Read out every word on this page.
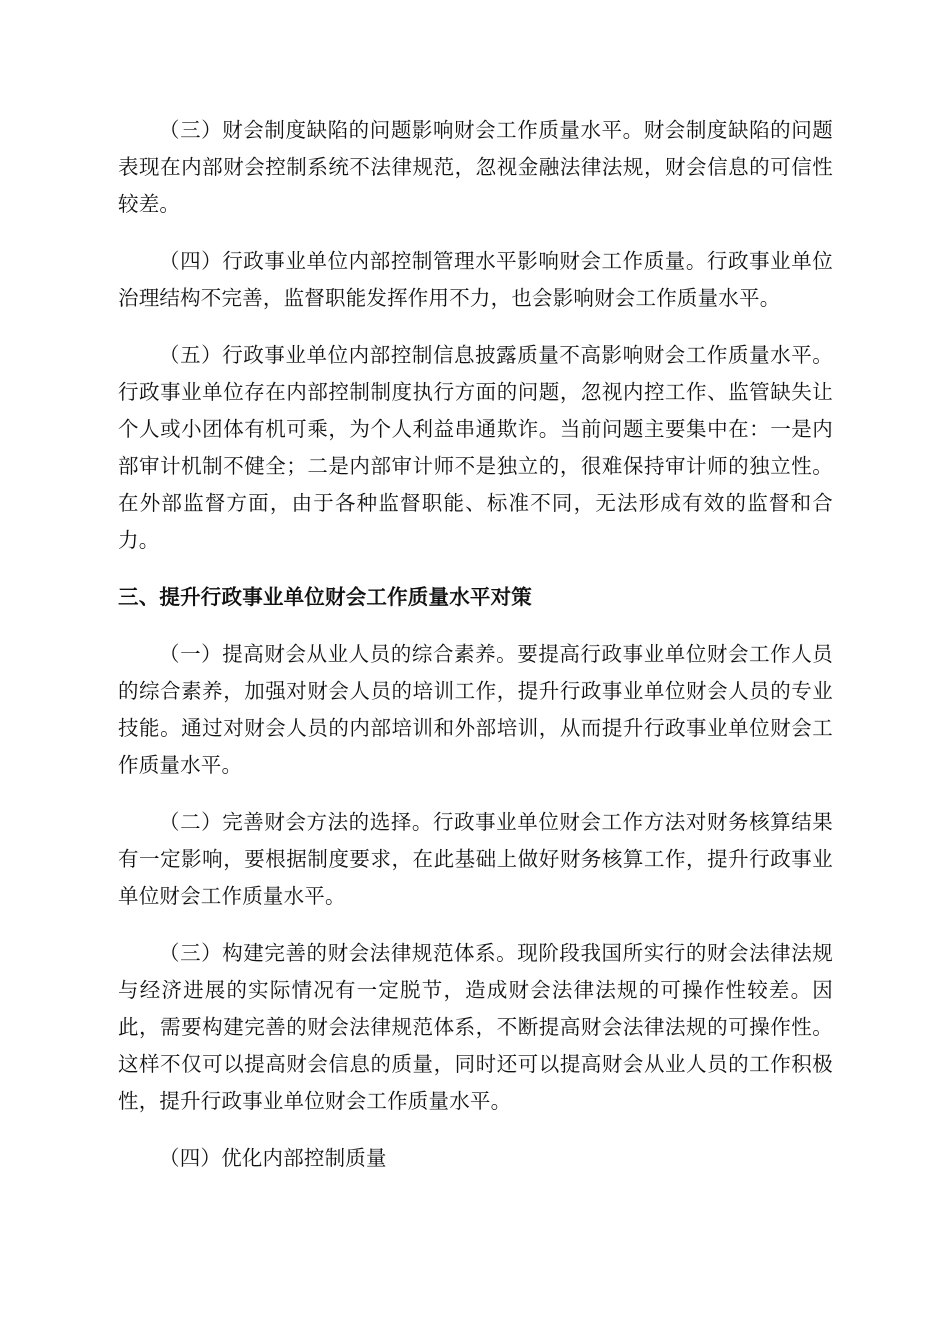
（三）财会制度缺陷的问题影响财会工作质量水平。财会制度缺陷的问题表现在内部财会控制系统不法律规范，忽视金融法律法规，财会信息的可信性较差。

（四）行政事业单位内部控制管理水平影响财会工作质量。行政事业单位治理结构不完善，监督职能发挥作用不力，也会影响财会工作质量水平。

（五）行政事业单位内部控制信息披露质量不高影响财会工作质量水平。行政事业单位存在内部控制制度执行方面的问题，忽视内控工作、监管缺失让个人或小团体有机可乘，为个人利益串通欺诈。当前问题主要集中在：一是内部审计机制不健全；二是内部审计师不是独立的，很难保持审计师的独立性。在外部监督方面，由于各种监督职能、标准不同，无法形成有效的监督和合力。

三、提升行政事业单位财会工作质量水平对策

（一）提高财会从业人员的综合素养。要提高行政事业单位财会工作人员的综合素养，加强对财会人员的培训工作，提升行政事业单位财会人员的专业技能。通过对财会人员的内部培训和外部培训，从而提升行政事业单位财会工作质量水平。

（二）完善财会方法的选择。行政事业单位财会工作方法对财务核算结果有一定影响，要根据制度要求，在此基础上做好财务核算工作，提升行政事业单位财会工作质量水平。

（三）构建完善的财会法律规范体系。现阶段我国所实行的财会法律法规与经济进展的实际情况有一定脱节，造成财会法律法规的可操作性较差。因此，需要构建完善的财会法律规范体系，不断提高财会法律法规的可操作性。这样不仅可以提高财会信息的质量，同时还可以提高财会从业人员的工作积极性，提升行政事业单位财会工作质量水平。

（四）优化内部控制质量
